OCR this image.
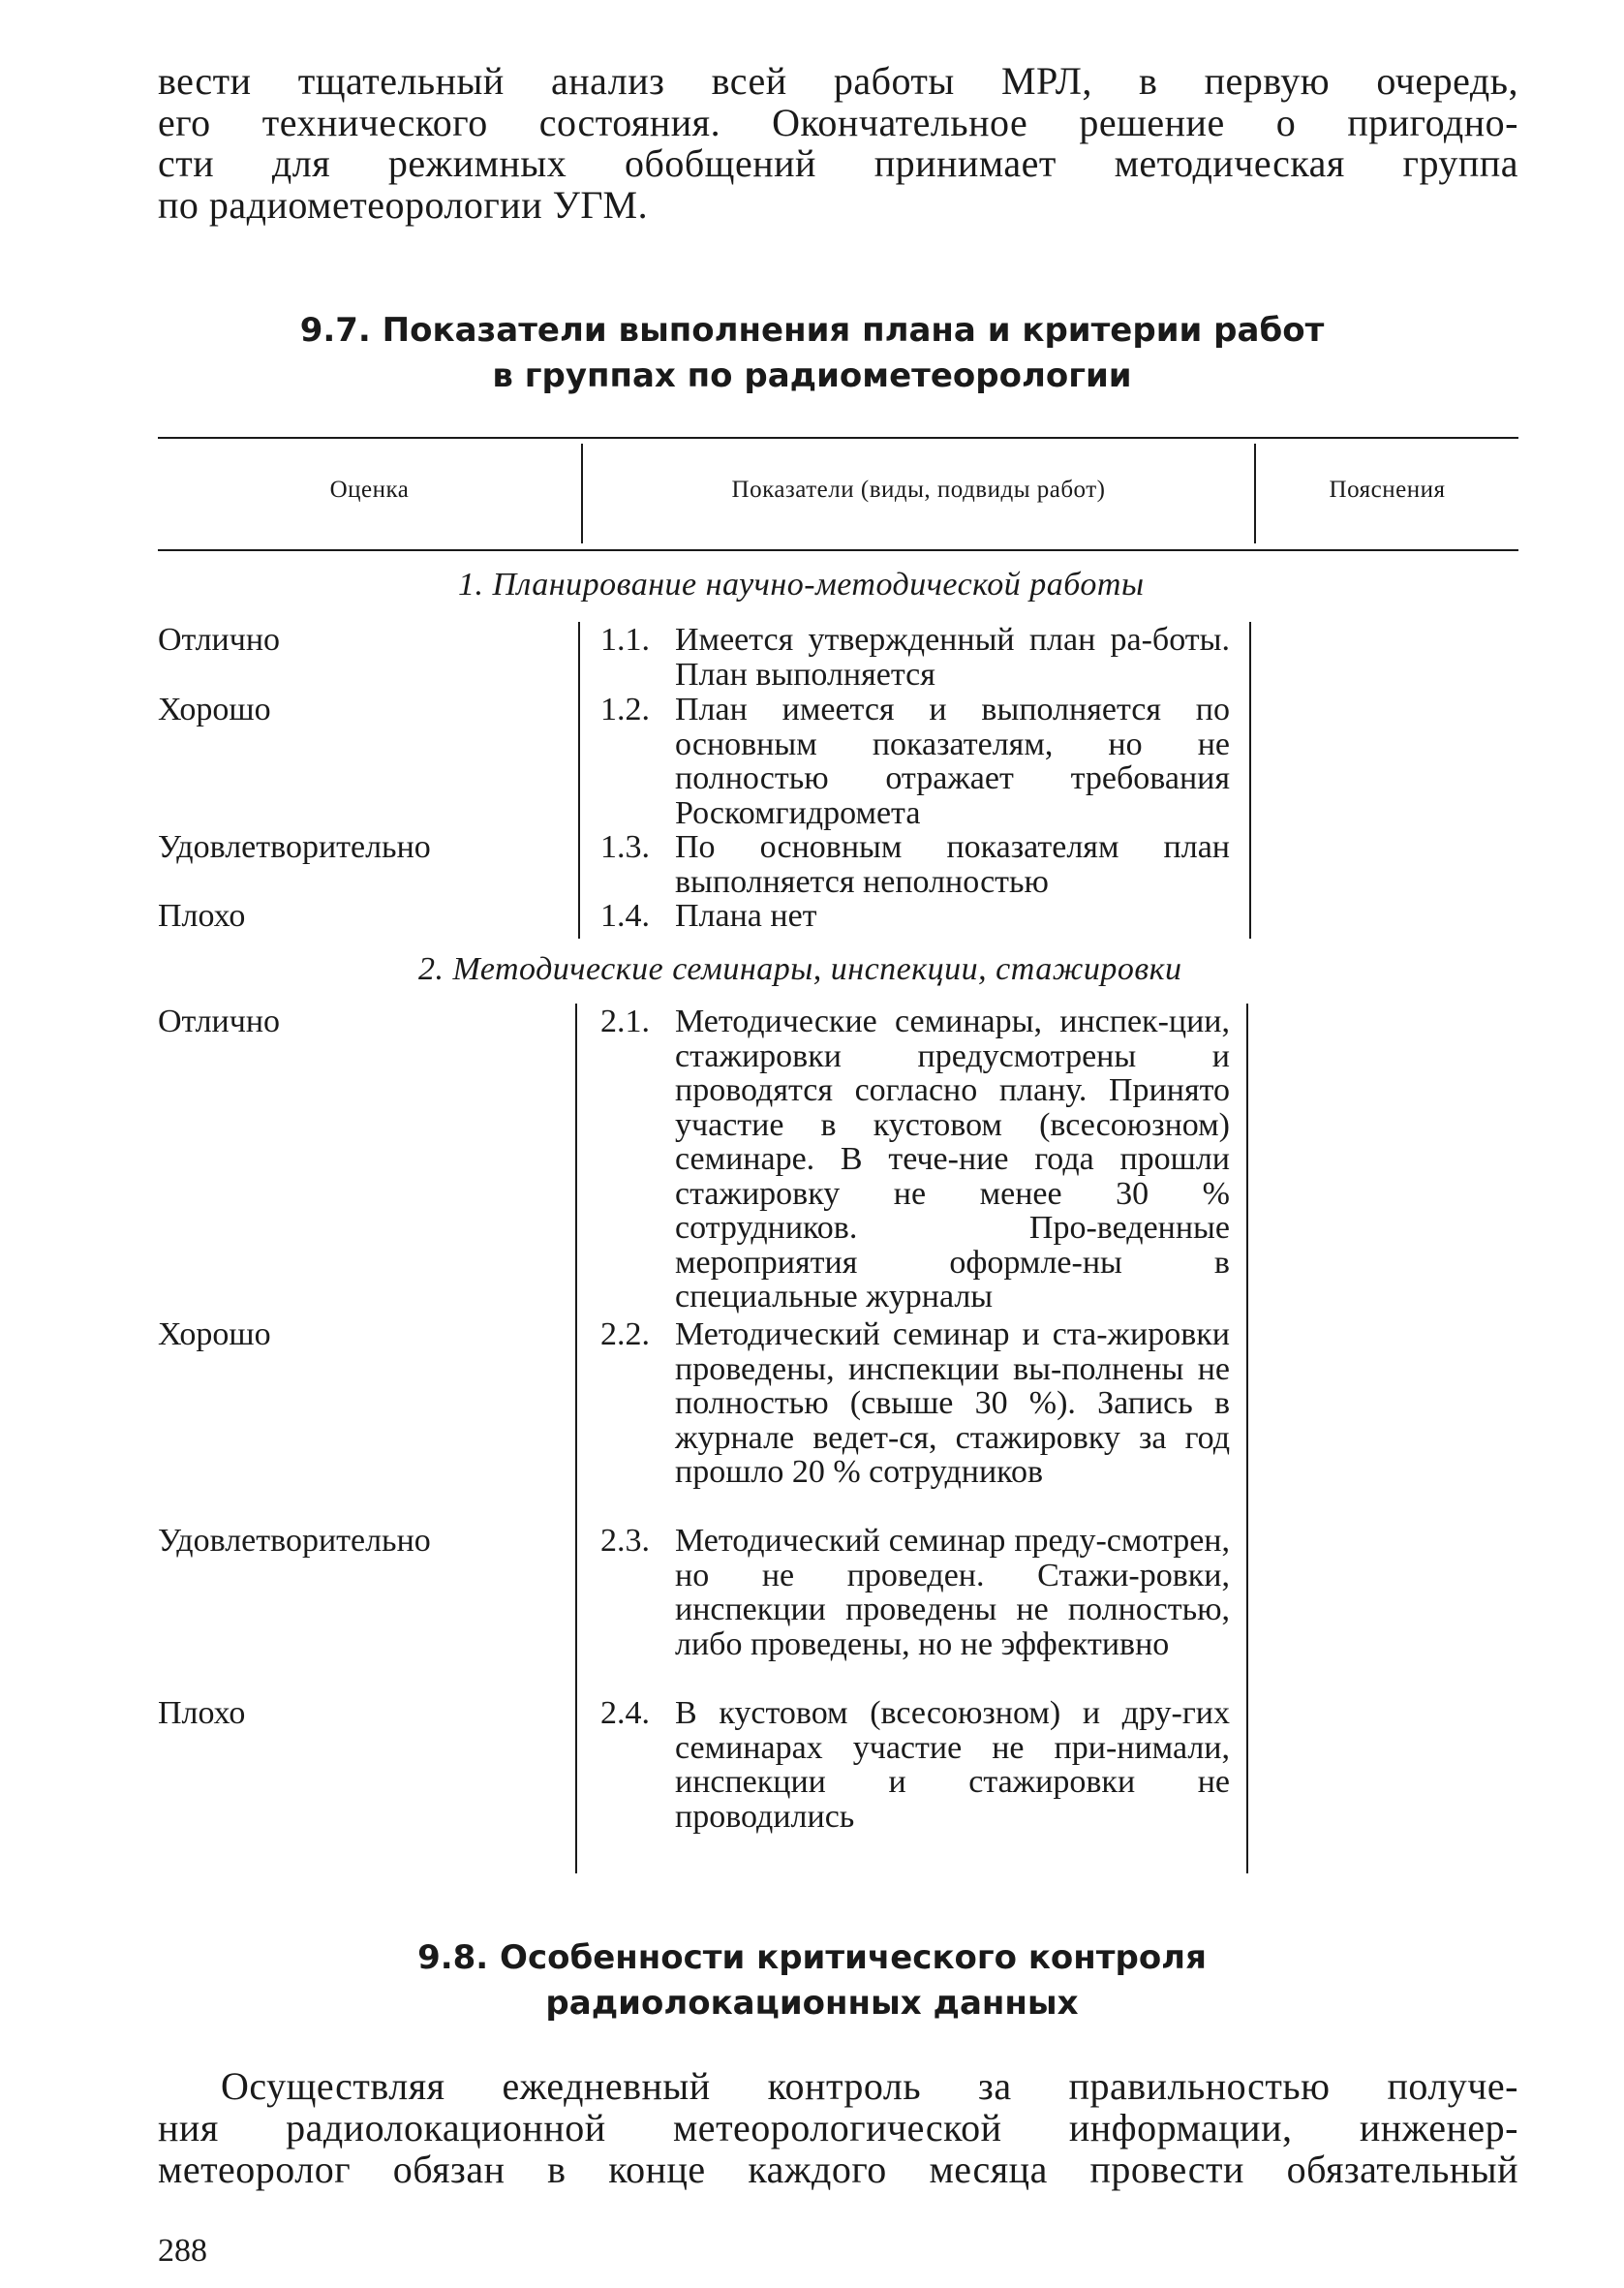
вести тщательный анализ всей работы МРЛ, в первую очередь,
его технического состояния. Окончательное решение о пригодно-
сти для режимных обобщений принимает методическая группа
по радиометеорологии УГМ.
9.7. Показатели выполнения плана и критерии работ
в группах по радиометеорологии
Оценка	Показатели (виды, подвиды работ)	Пояснения
1. Планирование научно-методической работы
Отлично	1.1. Имеется утвержденный план ра-боты. План выполняется
Хорошо	1.2. План имеется и выполняется по основным показателям, но не полностью отражает требования Роскомгидромета
Удовлетворительно	1.3. По основным показателям план выполняется неполностью
Плохо	1.4. Плана нет
2. Методические семинары, инспекции, стажировки
Отлично	2.1. Методические семинары, инспек-ции, стажировки предусмотрены и проводятся согласно плану. Принято участие в кустовом (всесоюзном) семинаре. В тече-ние года прошли стажировку не менее 30 % сотрудников. Про-веденные мероприятия оформле-ны в специальные журналы
Хорошо	2.2. Методический семинар и ста-жировки проведены, инспекции вы-полнены не полностью (свыше 30 %). Запись в журнале ведет-ся, стажировку за год прошло 20 % сотрудников
Удовлетворительно	2.3. Методический семинар преду-смотрен, но не проведен. Стажи-ровки, инспекции проведены не полностью, либо проведены, но не эффективно
Плохо	2.4. В кустовом (всесоюзном) и дру-гих семинарах участие не при-нимали, инспекции и стажировки не проводились
9.8. Особенности критического контроля
радиолокационных данных
Осуществляя ежедневный контроль за правильностью получе-
ния радиолокационной метеорологической информации, инженер-
метеоролог обязан в конце каждого месяца провести обязательный
288
